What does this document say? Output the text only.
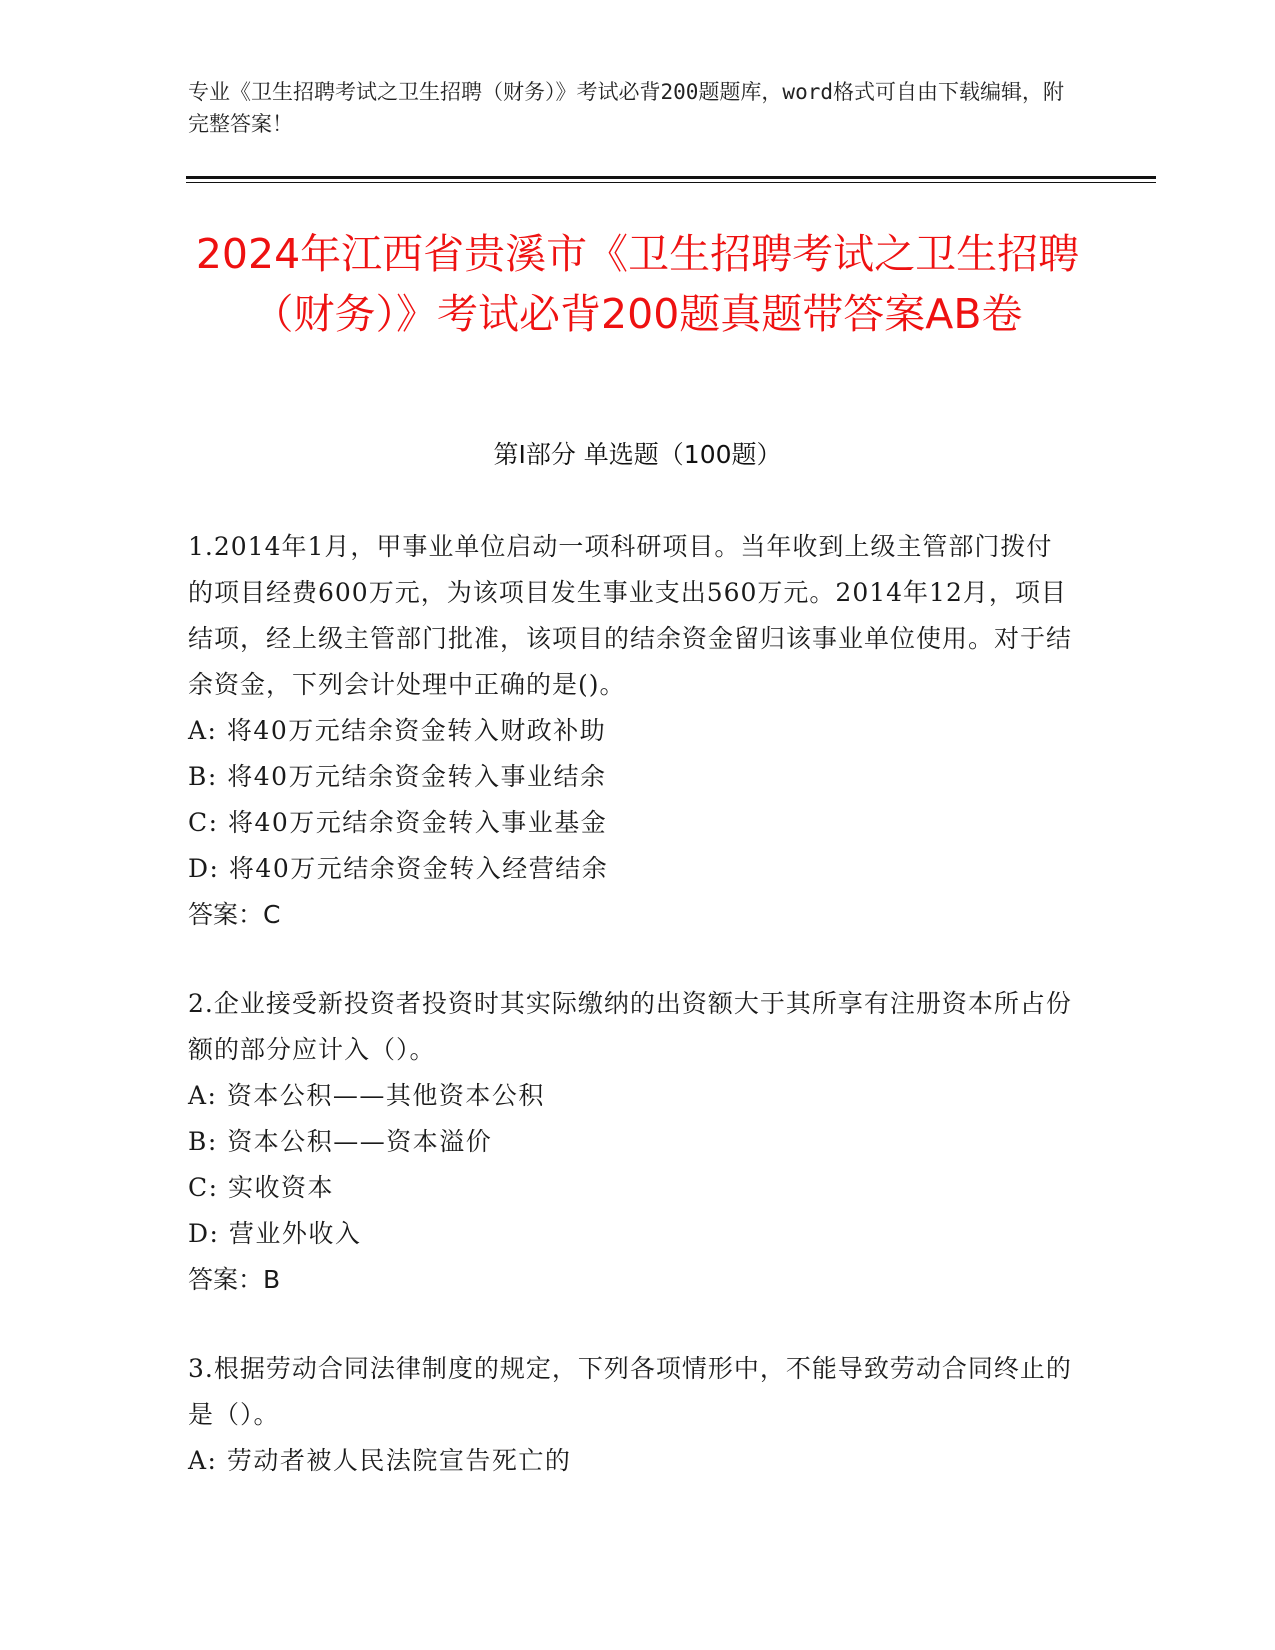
专业《卫生招聘考试之卫生招聘（财务）》考试必背200题题库，word格式可自由下载编辑，附完整答案！
2024年江西省贵溪市《卫生招聘考试之卫生招聘（财务）》考试必背200题真题带答案AB卷
第Ⅰ部分 单选题（100题）

1.2014年1月，甲事业单位启动一项科研项目。当年收到上级主管部门拨付的项目经费600万元，为该项目发生事业支出560万元。2014年12月，项目结项，经上级主管部门批准，该项目的结余资金留归该事业单位使用。对于结余资金，下列会计处理中正确的是()。

A: 将40万元结余资金转入财政补助

B: 将40万元结余资金转入事业结余

C: 将40万元结余资金转入事业基金

D: 将40万元结余资金转入经营结余

答案：C

2.企业接受新投资者投资时其实际缴纳的出资额大于其所享有注册资本所占份额的部分应计入（）。

A: 资本公积——其他资本公积

B: 资本公积——资本溢价

C: 实收资本

D: 营业外收入

答案：B

3.根据劳动合同法律制度的规定，下列各项情形中，不能导致劳动合同终止的是（）。

A: 劳动者被人民法院宣告死亡的
